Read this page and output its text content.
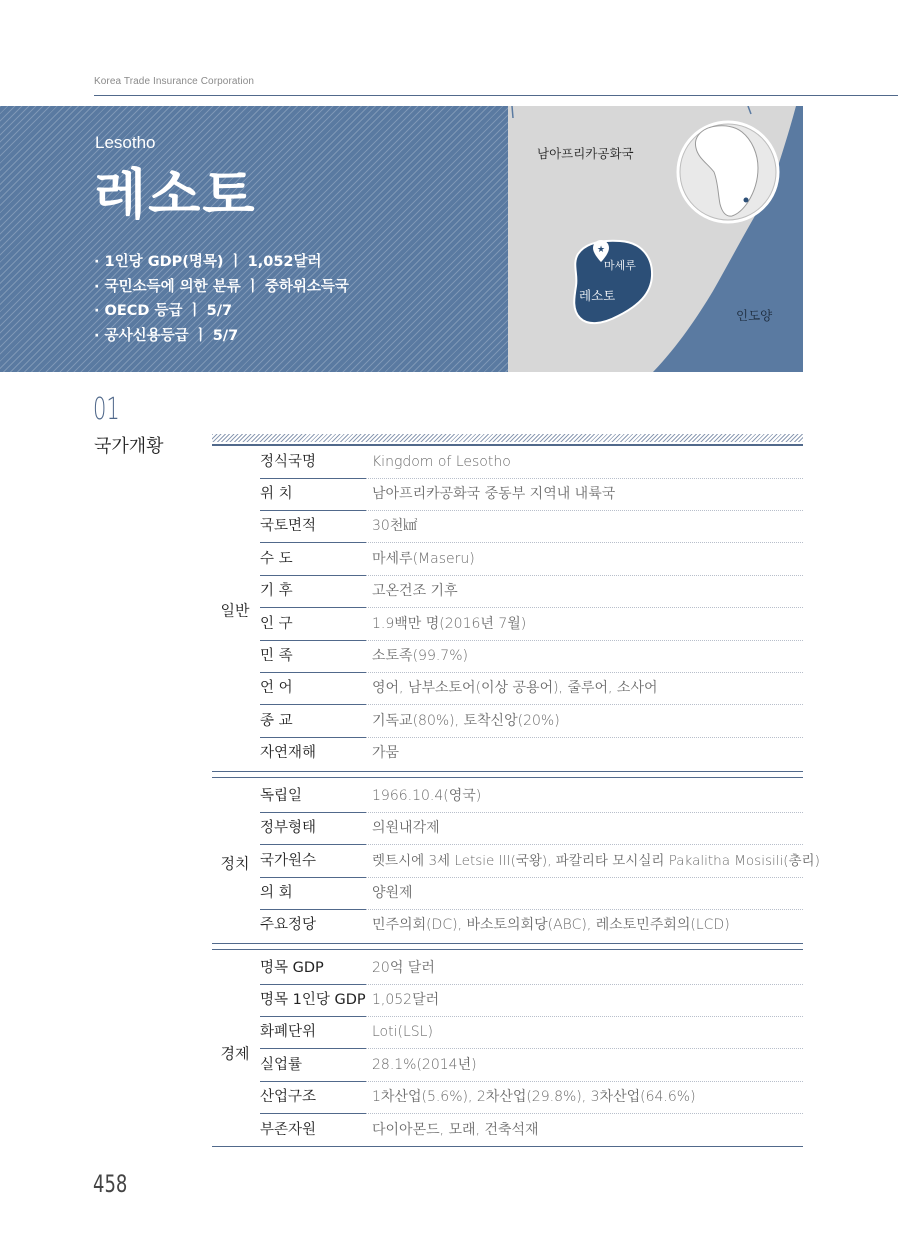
Korea Trade Insurance Corporation
Lesotho
레소토
· 1인당 GDP(명목) ㅣ 1,052달러
· 국민소득에 의한 분류 ㅣ 중하위소득국
· OECD 등급 ㅣ 5/7
· 공사신용등급 ㅣ 5/7
★
남아프리카공화국
마세루
레소토
인도양
01
국가개황
일반
정식국명	Kingdom of Lesotho
위 치	남아프리카공화국 중동부 지역내 내륙국
국토면적	30천㎢
수 도	마세루(Maseru)
기 후	고온건조 기후
인 구	1.9백만 명(2016년 7월)
민 족	소토족(99.7%)
언 어	영어, 남부소토어(이상 공용어), 줄루어, 소사어
종 교	기독교(80%), 토착신앙(20%)
자연재해	가뭄
정치
독립일	1966.10.4(영국)
정부형태	의원내각제
국가원수	렛트시에 3세 Letsie III(국왕), 파칼리타 모시실리 Pakalitha Mosisili(총리)
의 회	양원제
주요정당	민주의회(DC), 바소토의회당(ABC), 레소토민주회의(LCD)
경제
명목 GDP	20억 달러
명목 1인당 GDP 1,052달러
화폐단위	Loti(LSL)
실업률	28.1%(2014년)
산업구조	1차산업(5.6%), 2차산업(29.8%), 3차산업(64.6%)
부존자원	다이아몬드, 모래, 건축석재
458
